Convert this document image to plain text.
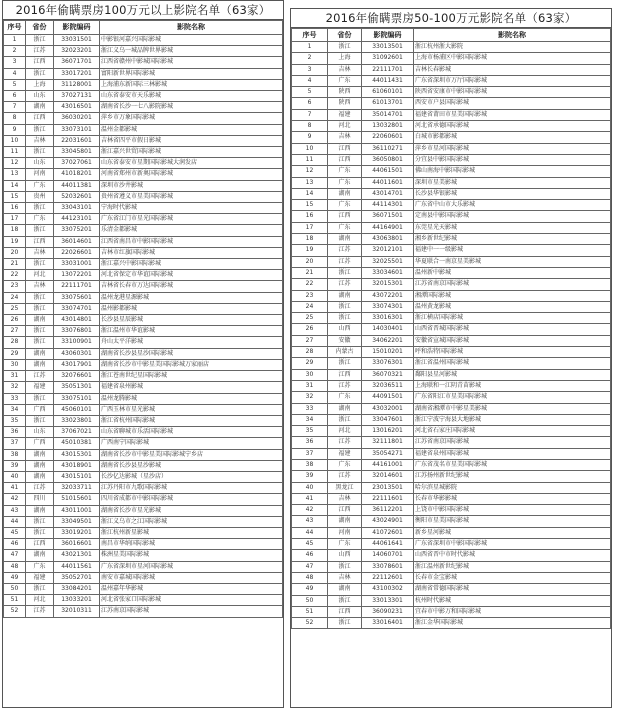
2016年偷瞒票房100万元以上影院名单（63家）
序号	省份	影院编码	影院名称
1	浙江	33031501	中影银河嘉兴国际影城
2	江苏	32023201	浙江义乌一城品牌世界影城
3	江西	36071701	江西省赣州中影城国际影城
4	浙江	33017201	富阳新世界国际影城
5	上海	31128001	上海浦东新国际三林影城
6	山东	37027131	山东省泰安市天乐影城
7	湖南	43016501	湖南省长沙一七八影院影城
8	江西	36030201	萍乡市万象国际影城
9	浙江	33073101	温州金都影城
10	吉林	22031601	吉林省四平市假日影城
11	浙江	33045801	浙江嘉兴世贸国际影城
12	山东	37027061	山东省泰安市星期国际影城大润发店
13	河南	41018201	河南省郑州市新奥国际影城
14	广东	44011381	深圳市沙井影城
15	贵州	52032601	贵州省遵义市星美国际影城
16	浙江	33043101	宁海时代影城
17	广东	44123101	广东省江门市星光国际影城
18	浙江	33075201	乐清金都影城
19	江西	36014601	江西省南昌市中影国际影城
20	吉林	22026601	吉林市红旗国际影城
21	浙江	33031001	浙江嘉兴中影国际影城
22	河北	13072201	河北省保定市华谊国际影城
23	吉林	22111701	吉林省长春市万达国际影城
24	浙江	33075601	温州龙港星源影城
25	浙江	33074701	温州影都影城
26	湖南	43014801	长沙县星辰影城
27	浙江	33076801	浙江温州市华谊影城
28	浙江	33100901	舟山太平洋影城
29	湖南	43060301	湖南省长沙县星沙国际影城
30	湖南	43017901	湖南省长沙市中影星美国际影城万家丽店
31	江苏	32076601	浙江苍南世纪星国际影城
32	福建	35051301	福建省泉州影城
33	浙江	33075101	温州龙腾影城
34	广西	45060101	广西玉林市星光影城
35	浙江	33023801	浙江省杭州国际影城
36	山东	37067021	山东省聊城市乐活国际影城
37	广西	45010381	广西南宁国际影城
38	湖南	43015301	湖南省长沙市中影星美国际影城宁乡店
39	湖南	43018901	湖南省长沙县星沙影城
40	湖南	43015101	长沙亿达影城（星沙店）
41	江苏	32033711	江苏丹阳市九歌国际影城
42	四川	51015601	四川省成都市中影国际影城
43	湖南	43011001	湖南省长沙市星光影城
44	浙江	33049501	浙江义乌市之江国际影城
45	浙江	33019201	浙江杭州新星影城
46	江西	36016601	南昌市华纳国际影城
47	湖南	43021301	株洲星美国际影城
48	广东	44011561	广东省深圳市星河国际影城
49	福建	35052701	南安市嘉城国际影城
50	浙江	33084201	温州嘉年华影城
51	河北	13033201	河北省张家口国际影城
52	江苏	32010311	江苏南京国际影城
2016年偷瞒票房50-100万元影院名单（63家）
序号	省份	影院编码	影院名称
1	浙江	33013501	浙江杭州浙大影院
2	上海	31092601	上海市杨浦区中影国际影城
3	吉林	22111701	吉林长春影城
4	广东	44011431	广东省深圳市万厅国际影城
5	陕西	61060101	陕西省安康市中影国际影城
6	陕西	61013701	西安市户县国际影城
7	福建	35014701	福建省莆田市星美国际影城
8	河北	13032801	河北省承德国际影城
9	吉林	22060601	白城市影都影城
10	江西	36110271	萍乡市星河国际影城
11	江西	36050801	分宜县中影国际影城
12	广东	44061501	佛山南海中影国际影城
13	广东	44011601	深圳市星美影城
14	湖南	43014701	长沙县华银影城
15	广东	44114301	广东省中山市大乐影城
16	江西	36071501	定南县中影国际影城
17	广东	44164901	东莞星光天影城
18	湖南	43063801	湘乡新世纪影城
19	江苏	32012101	福建中一一级影城
20	江苏	32025501	华夏联合一南京星美影城
21	浙江	33034601	温州新中影城
22	江苏	32015301	江苏省南京国际影城
23	湖南	43072201	湘潭国际影城
24	浙江	33074301	温州黄龙影城
25	浙江	33016301	浙江横店国际影城
26	山西	14030401	山西省晋城国际影城
27	安徽	34062201	安徽省宣城国际影城
28	内蒙古	15010201	呼和浩特国际影城
29	浙江	33076301	浙江省温州国际影城
30	江西	36070321	鄱阳县星河影城
31	江苏	32036511	上海联和一江阴青苗影城
32	广东	44091501	广东省阳江市星美国际影城
33	湖南	43032001	湖南省湘潭市中影星美影城
34	浙江	33047601	浙江宁波宁海县大地影城
35	河北	13016201	河北省石家庄国际影城
36	江苏	32111801	江苏省南京国际影城
37	福建	35054271	福建省泉州国际影城
38	广东	44161001	广东省茂名市星美国际影城
39	江苏	32014601	江苏扬州新世纪影城
40	黑龙江	23013501	哈尔滨星城影院
41	吉林	22111601	长春市华影影城
42	江西	36112201	上饶市中影国际影城
43	湖南	43024901	衡阳市星美国际影城
44	河南	41072601	新乡星河影城
45	广东	44061641	广东省深圳市中影国际影城
46	山西	14060701	山西省晋中市时代影城
47	浙江	33078601	浙江温州新世纪影城
48	吉林	22112601	长春市金宝影城
49	湖南	43100302	湖南省常德国际影城
50	浙江	33013301	杭州时代影城
51	江西	36090231	宜春市中影万和国际影城
52	浙江	33016401	浙江金华国际影城
